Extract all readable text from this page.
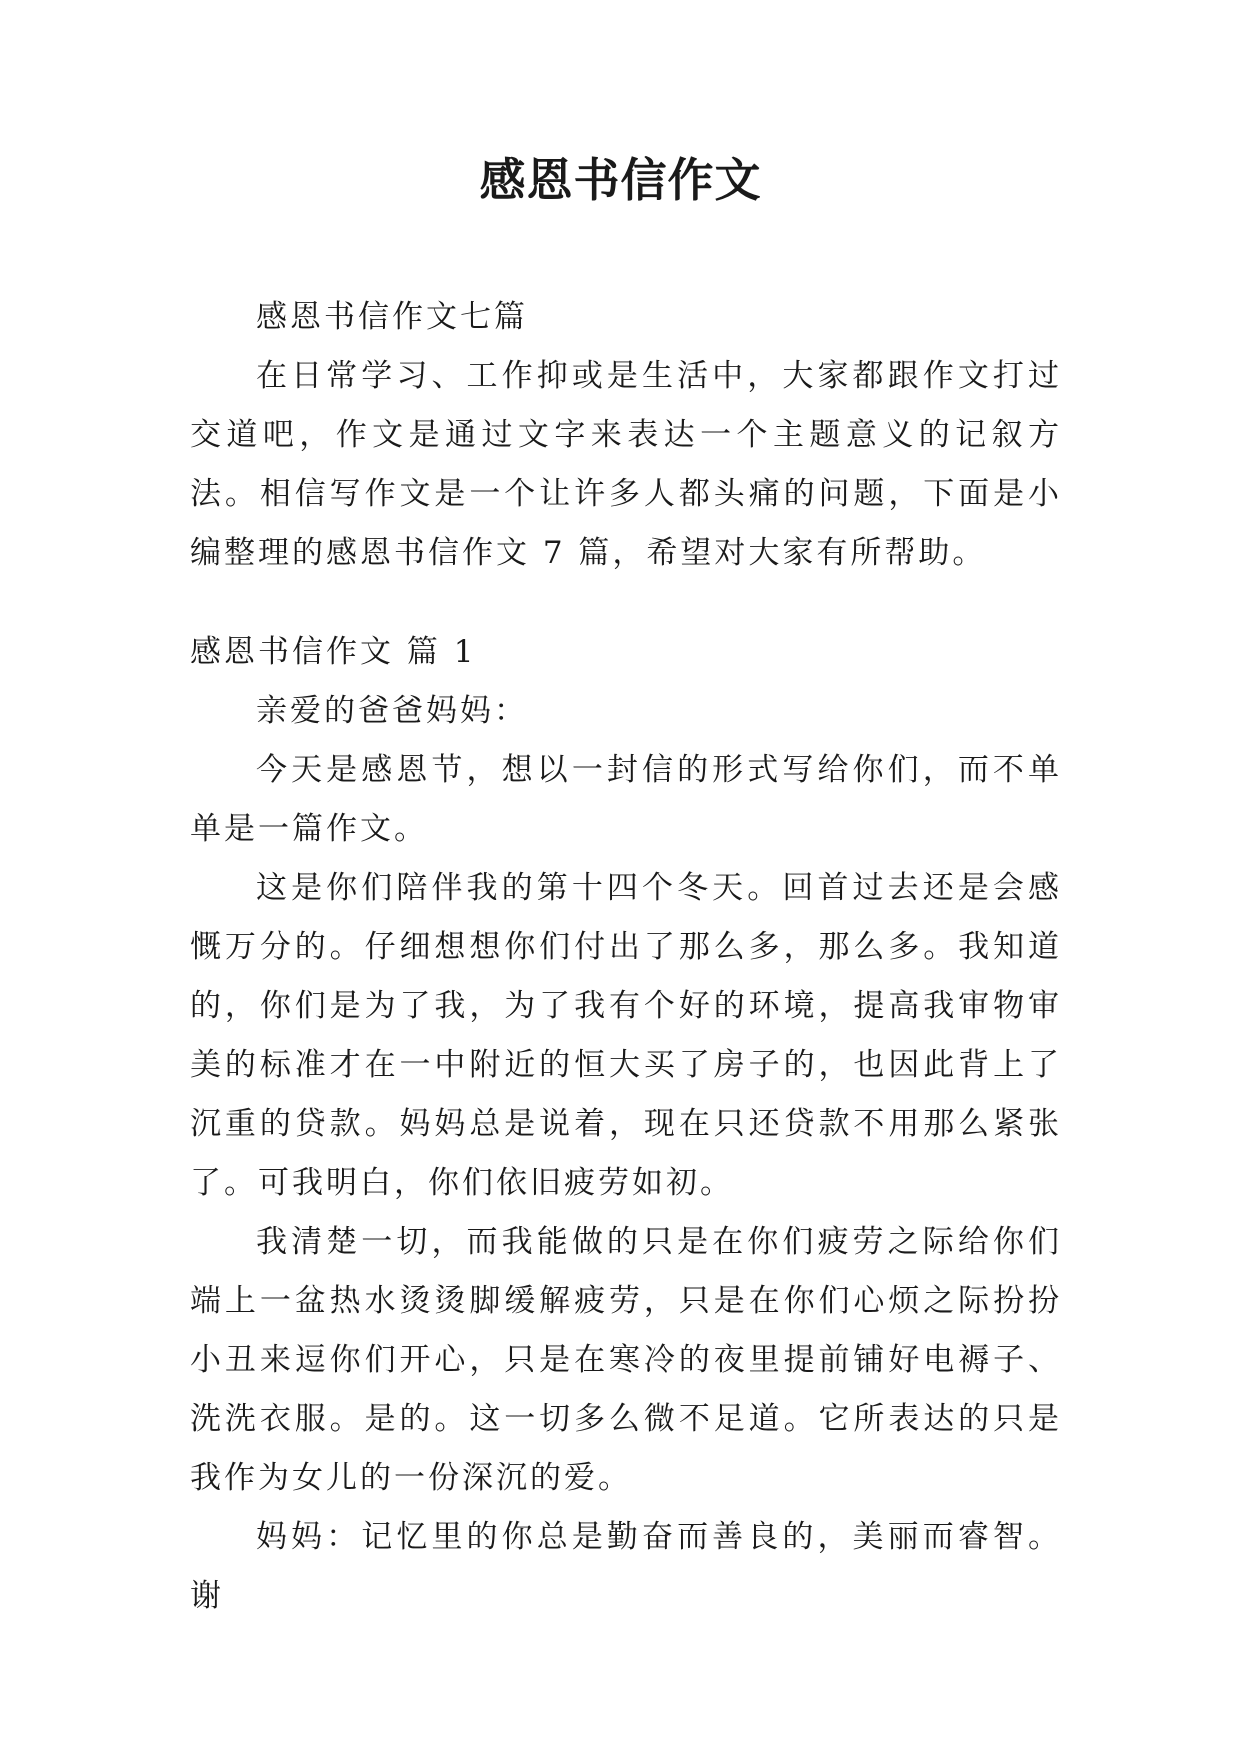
感恩书信作文

感恩书信作文七篇

在日常学习、工作抑或是生活中，大家都跟作文打过交道吧，作文是通过文字来表达一个主题意义的记叙方法。相信写作文是一个让许多人都头痛的问题，下面是小编整理的感恩书信作文 7 篇，希望对大家有所帮助。

感恩书信作文 篇 1

亲爱的爸爸妈妈：

今天是感恩节，想以一封信的形式写给你们，而不单单是一篇作文。

这是你们陪伴我的第十四个冬天。回首过去还是会感慨万分的。仔细想想你们付出了那么多，那么多。我知道的，你们是为了我，为了我有个好的环境，提高我审物审美的标准才在一中附近的恒大买了房子的，也因此背上了沉重的贷款。妈妈总是说着，现在只还贷款不用那么紧张了。可我明白，你们依旧疲劳如初。

我清楚一切，而我能做的只是在你们疲劳之际给你们端上一盆热水烫烫脚缓解疲劳，只是在你们心烦之际扮扮小丑来逗你们开心，只是在寒冷的夜里提前铺好电褥子、洗洗衣服。是的。这一切多么微不足道。它所表达的只是我作为女儿的一份深沉的爱。

妈妈：记忆里的你总是勤奋而善良的，美丽而睿智。谢
